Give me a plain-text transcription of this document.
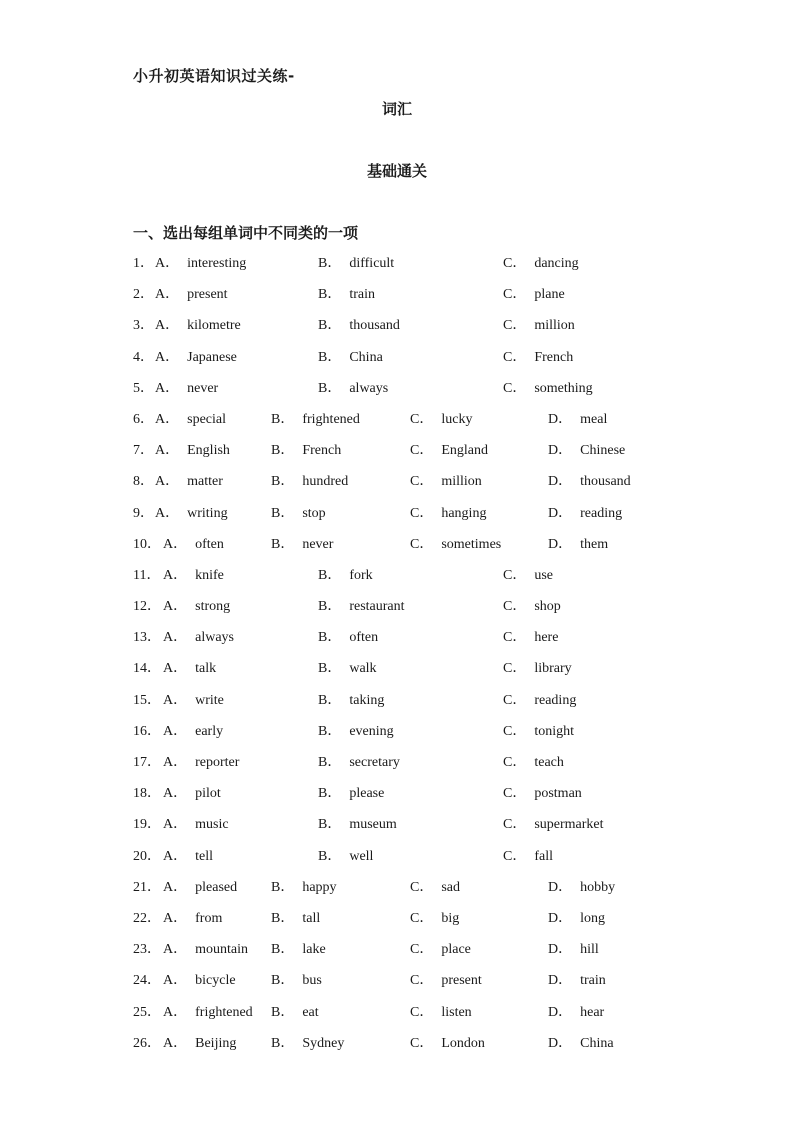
小升初英语知识过关练-
词汇
基础通关
一、选出每组单词中不同类的一项
1． A． interesting	B． difficult	C． dancing
2． A． present	B． train	C． plane
3． A． kilometre	B． thousand	C． million
4． A． Japanese	B． China	C． French
5． A． never	B． always	C． something
6． A． special	B． frightened	C． lucky	D． meal
7． A． English	B． French	C． England	D． Chinese
8． A． matter	B． hundred	C． million	D． thousand
9． A． writing	B． stop	C． hanging	D． reading
10． A． often	B． never	C． sometimes	D． them
11． A． knife	B． fork	C． use
12． A． strong	B． restaurant	C． shop
13． A． always	B． often	C． here
14． A． talk	B． walk	C． library
15． A． write	B． taking	C． reading
16． A． early	B． evening	C． tonight
17． A． reporter	B． secretary	C． teach
18． A． pilot	B． please	C． postman
19． A． music	B． museum	C． supermarket
20． A． tell	B． well	C． fall
21． A． pleased B． happy	C． sad	D． hobby
22． A． from	B． tall	C． big	D． long
23． A． mountain B． lake	C． place	D． hill
24． A． bicycle	B． bus	C． present	D． train
25． A． frightened B． eat	C． listen	D． hear
26． A． Beijing B． Sydney	C． London	D． China
